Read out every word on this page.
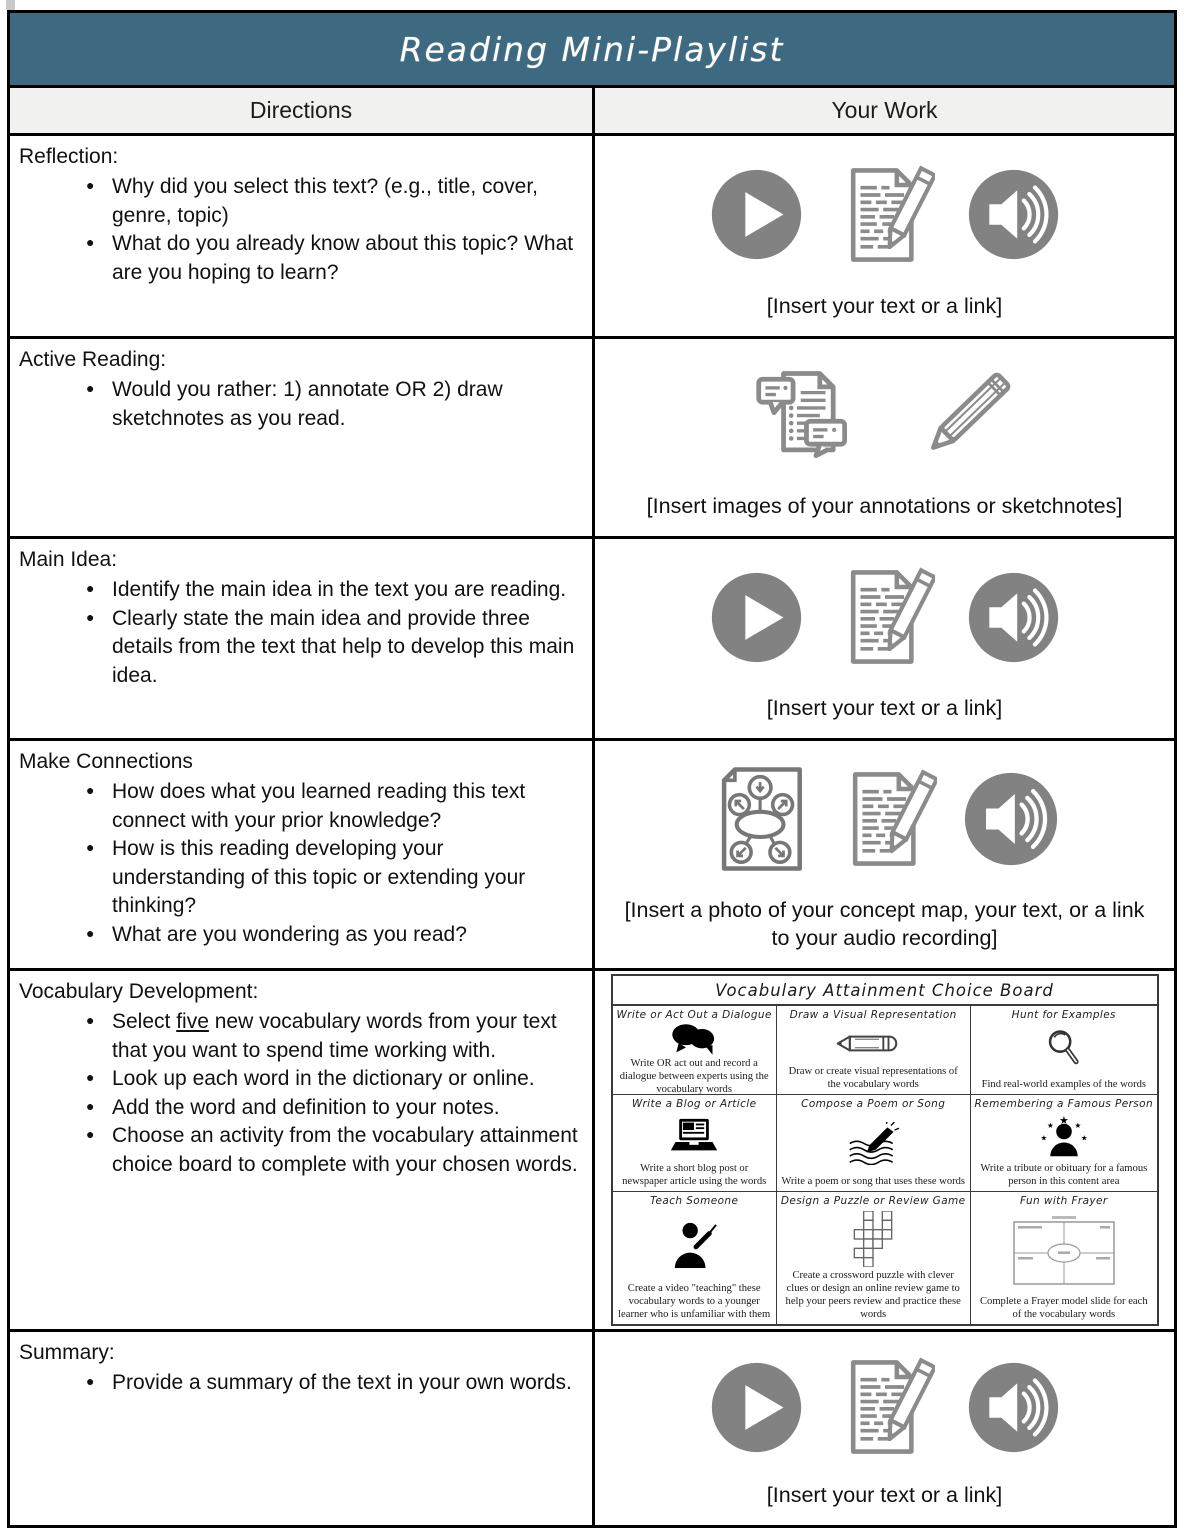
Reading Mini-Playlist
Directions	Your Work
Reflection:
● Why did you select this text? (e.g., title, cover, genre, topic)
● What do you already know about this topic? What are you hoping to learn?
[Insert your text or a link]
Active Reading:
● Would you rather: 1) annotate OR 2) draw sketchnotes as you read.
[Insert images of your annotations or sketchnotes]
Main Idea:
● Identify the main idea in the text you are reading.
● Clearly state the main idea and provide three details from the text that help to develop this main idea.
[Insert your text or a link]
Make Connections
● How does what you learned reading this text connect with your prior knowledge?
● How is this reading developing your understanding of this topic or extending your thinking?
● What are you wondering as you read?
[Insert a photo of your concept map, your text, or a link to your audio recording]
Vocabulary Development:
● Select five new vocabulary words from your text that you want to spend time working with.
● Look up each word in the dictionary or online.
● Add the word and definition to your notes.
● Choose an activity from the vocabulary attainment choice board to complete with your chosen words.
Vocabulary Attainment Choice Board
Write or Act Out a Dialogue
Write OR act out and record a dialogue between experts using the vocabulary words
Draw a Visual Representation
Draw or create visual representations of the vocabulary words
Hunt for Examples
Find real-world examples of the words
Write a Blog or Article
Write a short blog post or newspaper article using the words
Compose a Poem or Song
Write a poem or song that uses these words
Remembering a Famous Person
Write a tribute or obituary for a famous person in this content area
Teach Someone
Create a video "teaching" these vocabulary words to a younger learner who is unfamiliar with them
Design a Puzzle or Review Game
Create a crossword puzzle with clever clues or design an online review game to help your peers review and practice these words
Fun with Frayer
Complete a Frayer model slide for each of the vocabulary words
Summary:
● Provide a summary of the text in your own words.
[Insert your text or a link]
